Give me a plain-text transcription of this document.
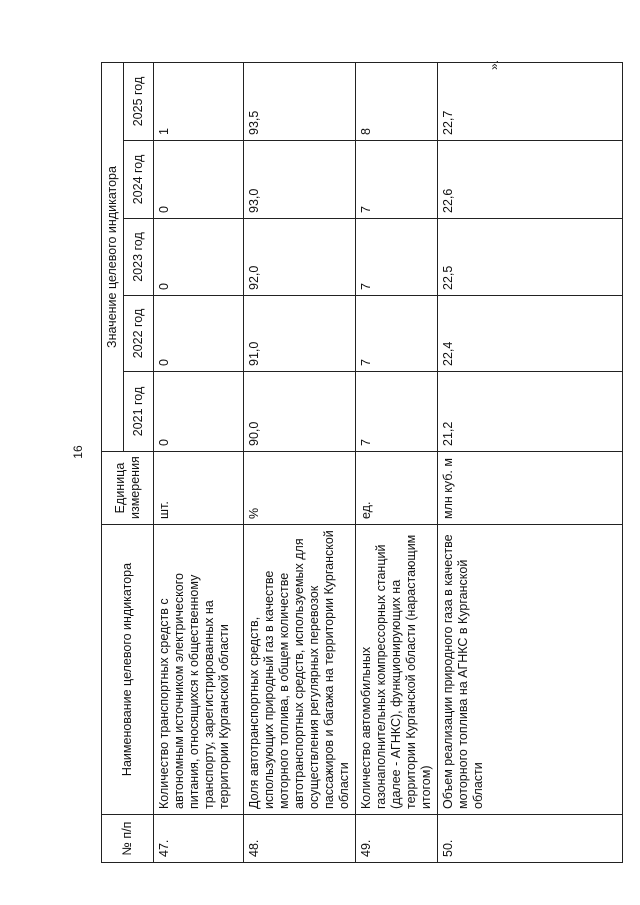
16
».
№ п/п	Наименование целевого индикатора	Единица измерения	Значение целевого индикатора				
			2021 год	2022 год	2023 год	2024 год	2025 год
47.	Количество транспортных средств с автономным источником электрического питания, относящихся к общественному транспорту, зарегистрированных на территории Курганской области	шт.	0	0	0	0	1
48.	Доля автотранспортных средств, использующих природный газ в качестве моторного топлива, в общем количестве автотранспортных средств, используемых для осуществления регулярных перевозок пассажиров и багажа на территории Курганской области	%	90,0	91,0	92,0	93,0	93,5
49.	Количество автомобильных газонаполнительных компрессорных станций (далее - АГНКС), функционирующих на территории Курганской области (нарастающим итогом)	ед.	7	7	7	7	8
50.	Объем реализации природного газа в качестве моторного топлива на АГНКС в Курганской области	млн куб. м	21,2	22,4	22,5	22,6	22,7
